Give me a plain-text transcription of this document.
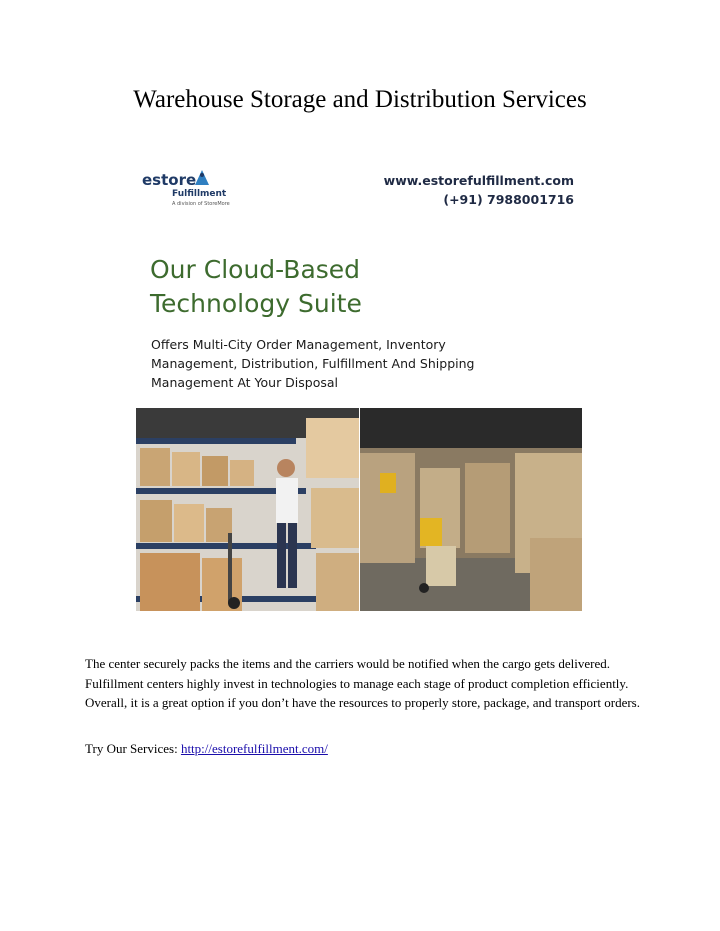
Warehouse Storage and Distribution Services
estore
Fulfillment
A division of StoreMore
www.estorefulfillment.com
(+91) 7988001716
Our Cloud-Based
Technology Suite
Offers Multi-City Order Management, Inventory Management, Distribution, Fulfillment And Shipping Management At Your Disposal
The center securely packs the items and the carriers would be notified when the cargo gets delivered. Fulfillment centers highly invest in technologies to manage each stage of product completion efficiently. Overall, it is a great option if you don’t have the resources to properly store, package, and transport orders.
Try Our Services: http://estorefulfillment.com/
